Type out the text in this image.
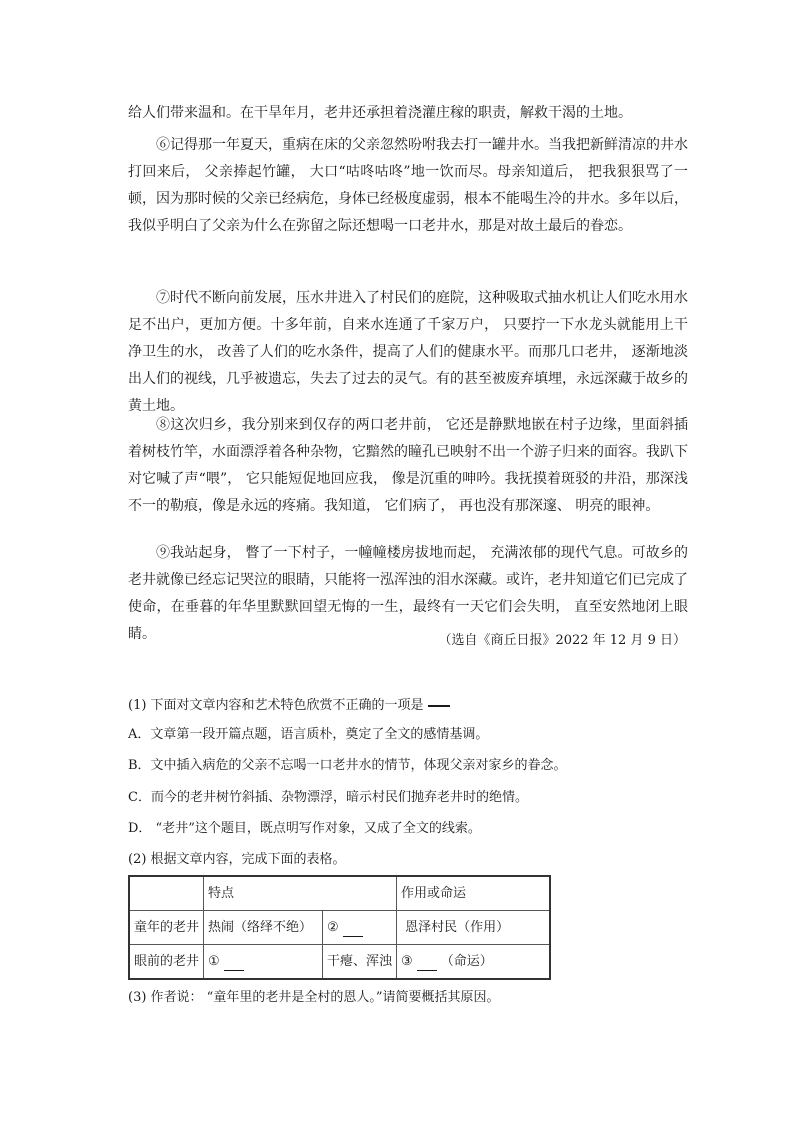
给人们带来温和。在干旱年月，老井还承担着浇灌庄稼的职责，解救干渴的土地。

⑥记得那一年夏天，重病在床的父亲忽然吩咐我去打一罐井水。当我把新鲜清凉的井水打回来后， 父亲捧起竹罐， 大口“咕咚咕咚”地一饮而尽。母亲知道后， 把我狠狠骂了一顿，因为那时候的父亲已经病危，身体已经极度虚弱，根本不能喝生冷的井水。多年以后，我似乎明白了父亲为什么在弥留之际还想喝一口老井水，那是对故土最后的眷恋。

⑦时代不断向前发展，压水井进入了村民们的庭院，这种吸取式抽水机让人们吃水用水足不出户，更加方便。十多年前，自来水连通了千家万户， 只要拧一下水龙头就能用上干净卫生的水， 改善了人们的吃水条件，提高了人们的健康水平。而那几口老井， 逐渐地淡出人们的视线，几乎被遗忘，失去了过去的灵气。有的甚至被废弃填埋，永远深藏于故乡的黄土地。

⑧这次归乡，我分别来到仅存的两口老井前， 它还是静默地嵌在村子边缘，里面斜插着树枝竹竿，水面漂浮着各种杂物，它黯然的瞳孔已映射不出一个游子归来的面容。我趴下对它喊了声“喂”， 它只能短促地回应我， 像是沉重的呻吟。我抚摸着斑驳的井沿，那深浅不一的勒痕，像是永远的疼痛。我知道， 它们病了， 再也没有那深邃、 明亮的眼神。

⑨我站起身， 瞥了一下村子，一幢幢楼房拔地而起， 充满浓郁的现代气息。可故乡的老井就像已经忘记哭泣的眼睛，只能将一泓浑浊的泪水深藏。或许，老井知道它们已完成了使命，在垂暮的年华里默默回望无悔的一生，最终有一天它们会失明， 直至安然地闭上眼睛。	（选自《商丘日报》2022 年 12 月 9 日）
(1) 下面对文章内容和艺术特色欣赏不正确的一项是
A．文章第一段开篇点题，语言质朴，奠定了全文的感情基调。
B．文中插入病危的父亲不忘喝一口老井水的情节，体现父亲对家乡的眷念。
C．而今的老井树竹斜插、杂物漂浮，暗示村民们抛弃老井时的绝情。
D． “老井”这个题目，既点明写作对象，又成了全文的线索。
(2) 根据文章内容，完成下面的表格。
	特点		作用或命运
童年的老井	热闹（络绎不绝）	②	恩泽村民（作用）
眼前的老井	①	干瘪、浑浊	③ （命运）
(3) 作者说： “童年里的老井是全村的恩人。”请简要概括其原因。
